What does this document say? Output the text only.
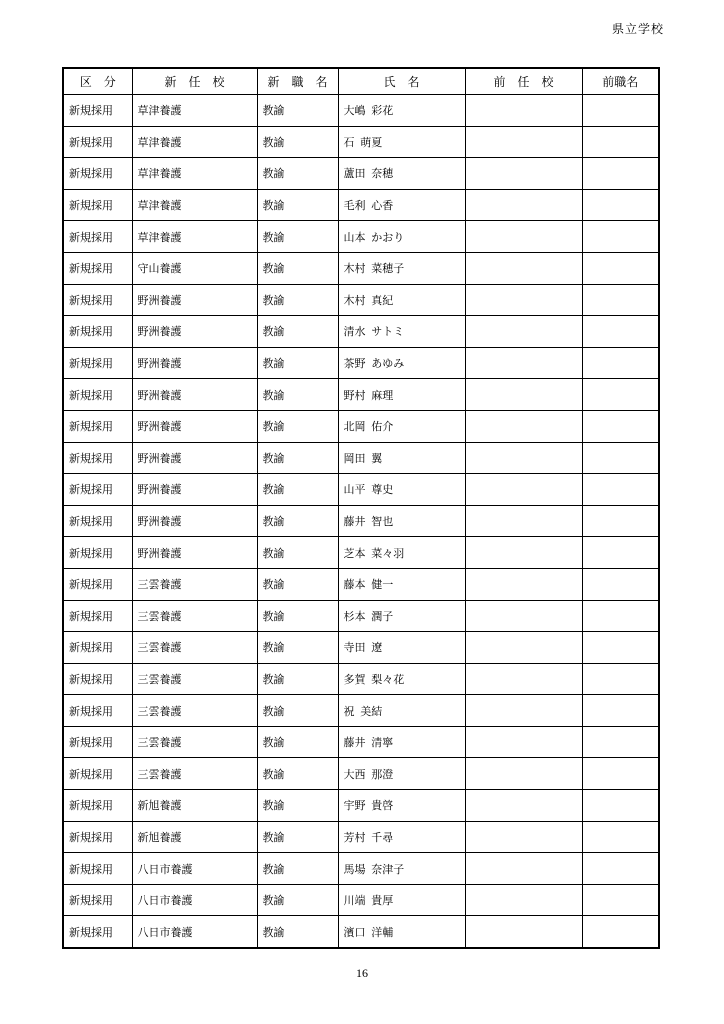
県立学校
区　分	新　任　校	新　職　名	氏　名	前　任　校	前職名
新規採用	草津養護	教諭	大嶋 彩花		
新規採用	草津養護	教諭	石 萌夏		
新規採用	草津養護	教諭	蘆田 奈穂		
新規採用	草津養護	教諭	毛利 心香		
新規採用	草津養護	教諭	山本 かおり		
新規採用	守山養護	教諭	木村 菜穂子		
新規採用	野洲養護	教諭	木村 真紀		
新規採用	野洲養護	教諭	清水 サトミ		
新規採用	野洲養護	教諭	茶野 あゆみ		
新規採用	野洲養護	教諭	野村 麻理		
新規採用	野洲養護	教諭	北岡 佑介		
新規採用	野洲養護	教諭	岡田 翼		
新規採用	野洲養護	教諭	山平 尊史		
新規採用	野洲養護	教諭	藤井 智也		
新規採用	野洲養護	教諭	芝本 菜々羽		
新規採用	三雲養護	教諭	藤本 健一		
新規採用	三雲養護	教諭	杉本 潤子		
新規採用	三雲養護	教諭	寺田 遼		
新規採用	三雲養護	教諭	多賀 梨々花		
新規採用	三雲養護	教諭	祝 美結		
新規採用	三雲養護	教諭	藤井 清寧		
新規採用	三雲養護	教諭	大西 那澄		
新規採用	新旭養護	教諭	宇野 貴啓		
新規採用	新旭養護	教諭	芳村 千尋		
新規採用	八日市養護	教諭	馬場 奈津子		
新規採用	八日市養護	教諭	川端 貴厚		
新規採用	八日市養護	教諭	濱口 洋輔		
16
